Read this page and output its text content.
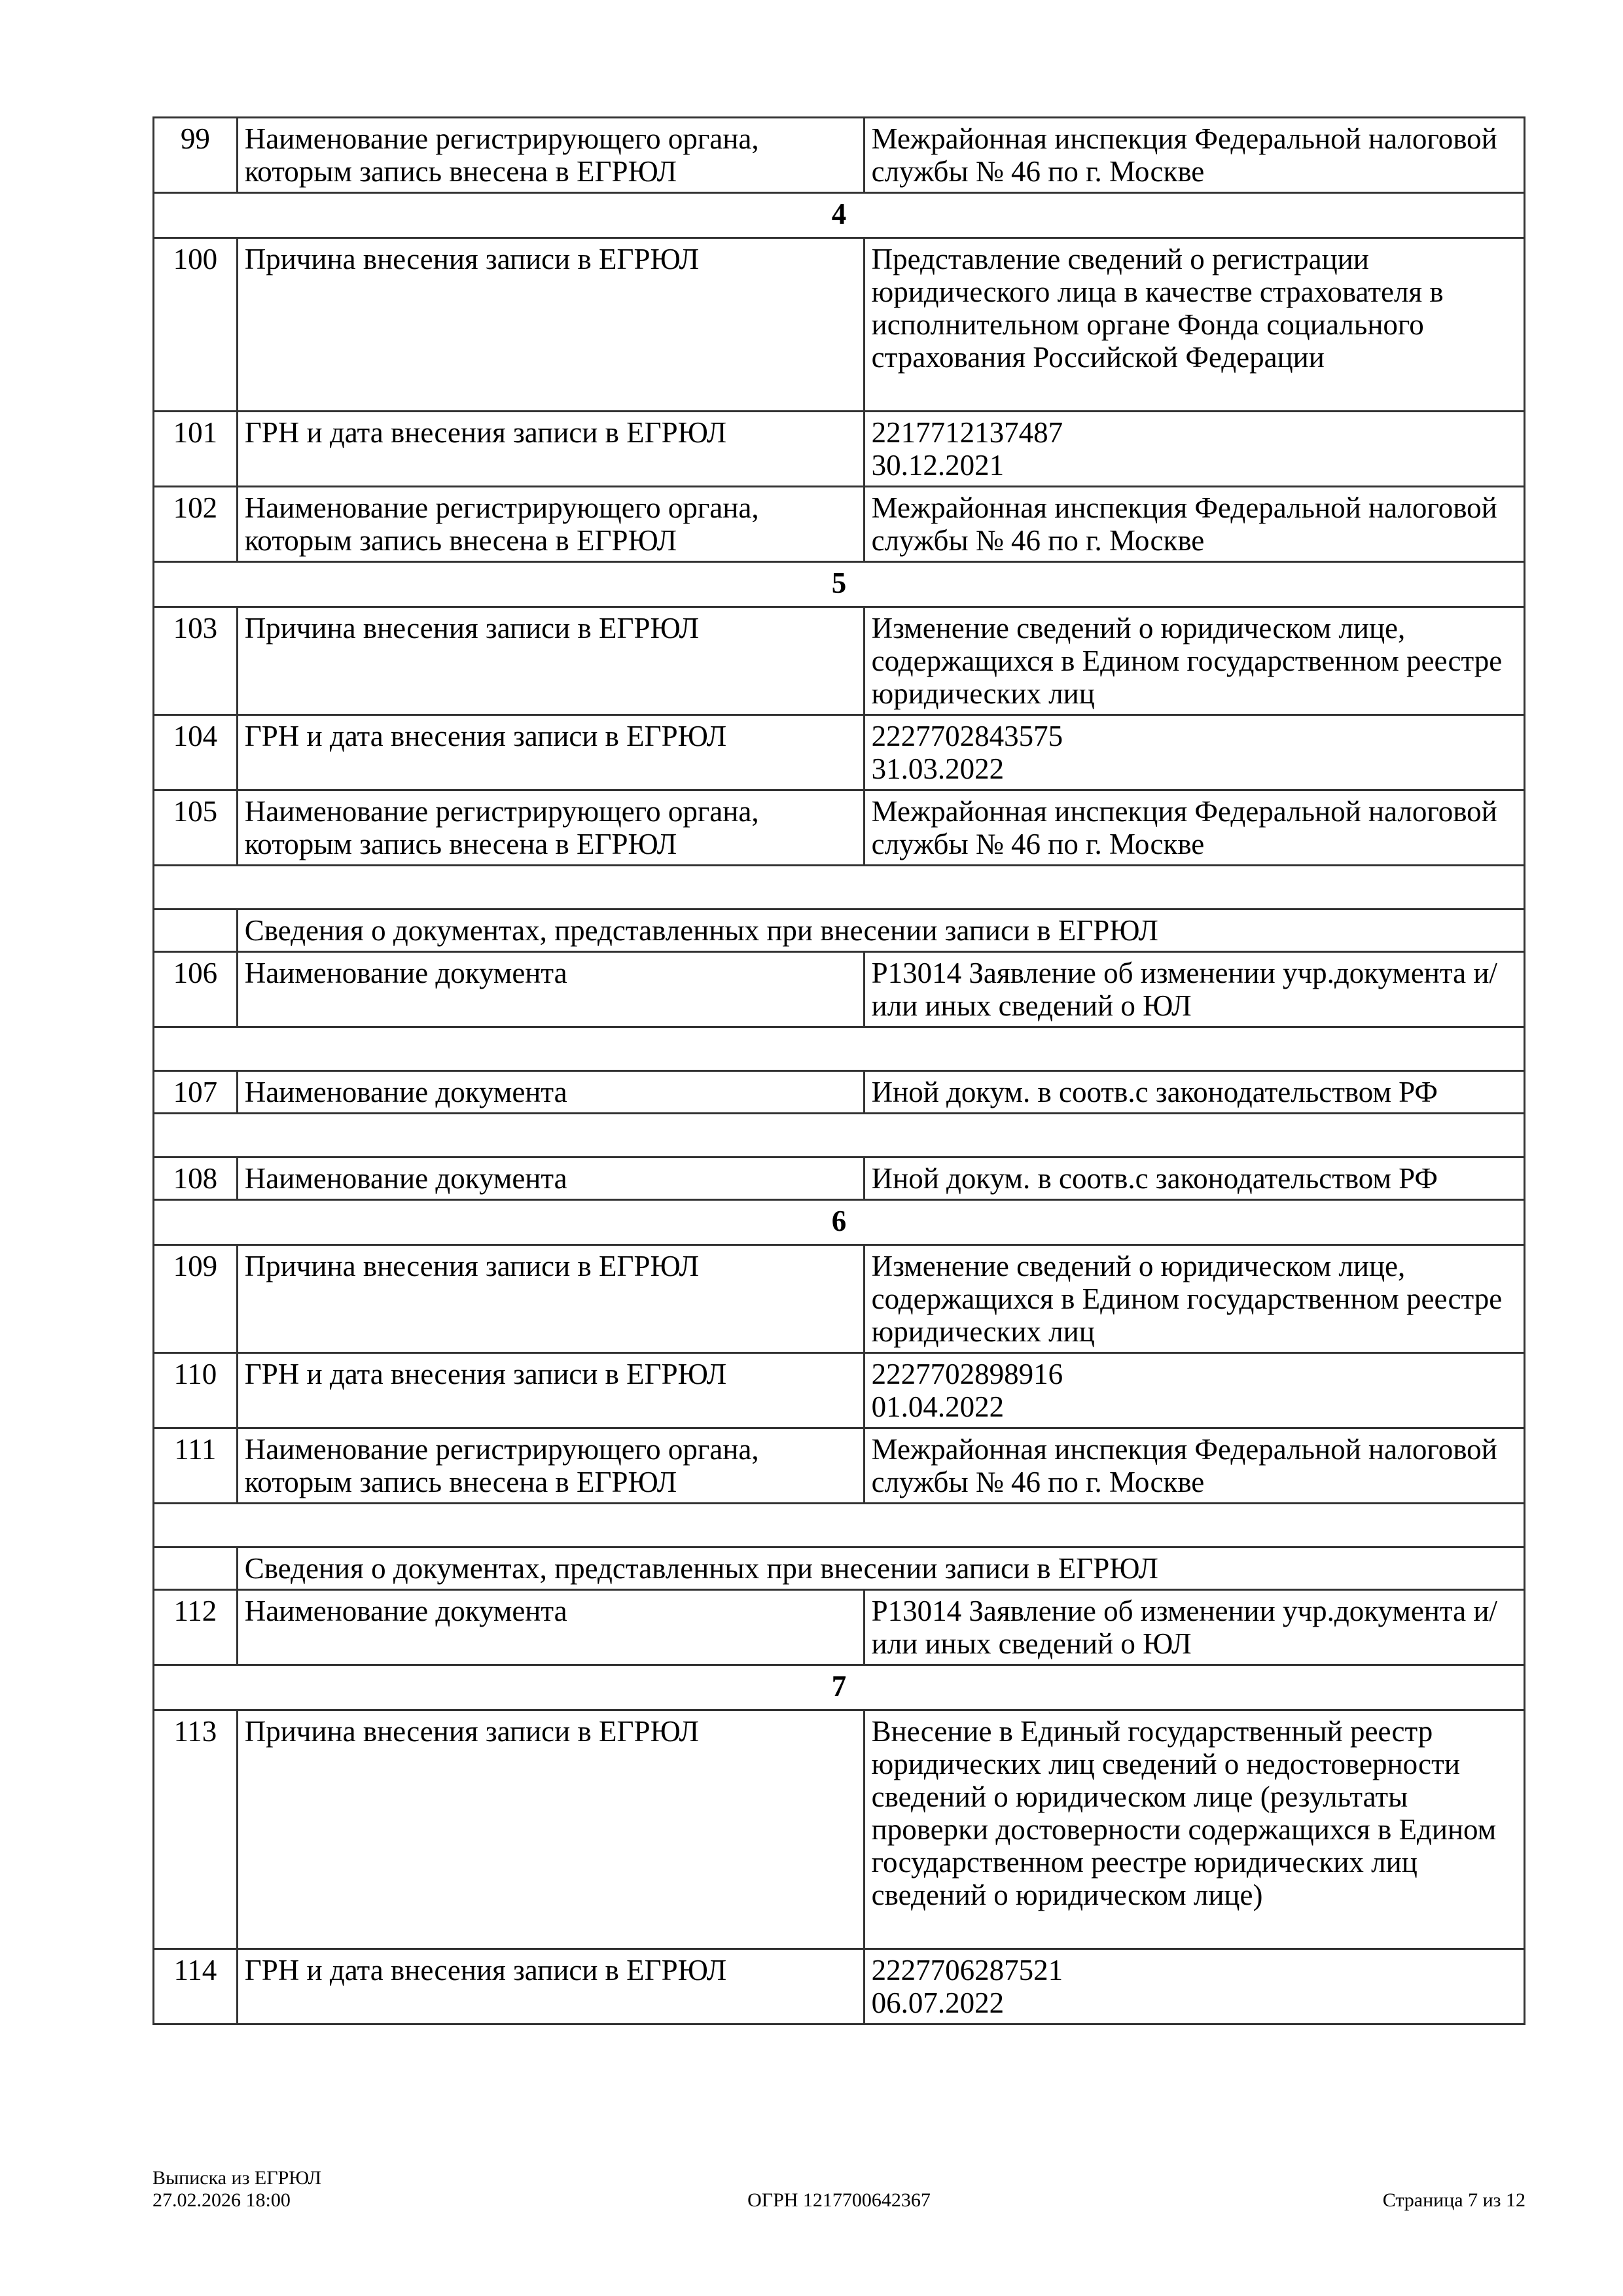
99	Наименование регистрирующего органа, которым запись внесена в ЕГРЮЛ	Межрайонная инспекция Федеральной налоговой службы № 46 по г. Москве

4		
100	Причина внесения записи в ЕГРЮЛ	Представление сведений о регистрации юридического лица в качестве страхователя в исполнительном органе Фонда социального страхования Российской Федерации

101	ГРН и дата внесения записи в ЕГРЮЛ	2217712137487
30.12.2021

102	Наименование регистрирующего органа, которым запись внесена в ЕГРЮЛ	Межрайонная инспекция Федеральной налоговой службы № 46 по г. Москве

5		
103	Причина внесения записи в ЕГРЮЛ	Изменение сведений о юридическом лице, содержащихся в Едином государственном реестре юридических лиц

104	ГРН и дата внесения записи в ЕГРЮЛ	2227702843575
31.03.2022

105	Наименование регистрирующего органа, которым запись внесена в ЕГРЮЛ	Межрайонная инспекция Федеральной налоговой службы № 46 по г. Москве

	Сведения о документах, представленных при внесении записи в ЕГРЮЛ	
106	Наименование документа	Р13014 Заявление об изменении учр.документа и/или иных сведений о ЮЛ

107	Наименование документа	Иной докум. в соотв.с законодательством РФ

108	Наименование документа	Иной докум. в соотв.с законодательством РФ

6		
109	Причина внесения записи в ЕГРЮЛ	Изменение сведений о юридическом лице, содержащихся в Едином государственном реестре юридических лиц

110	ГРН и дата внесения записи в ЕГРЮЛ	2227702898916
01.04.2022

111	Наименование регистрирующего органа, которым запись внесена в ЕГРЮЛ	Межрайонная инспекция Федеральной налоговой службы № 46 по г. Москве

	Сведения о документах, представленных при внесении записи в ЕГРЮЛ	
112	Наименование документа	Р13014 Заявление об изменении учр.документа и/или иных сведений о ЮЛ

7		
113	Причина внесения записи в ЕГРЮЛ	Внесение в Единый государственный реестр юридических лиц сведений о недостоверности сведений о юридическом лице (результаты проверки достоверности содержащихся в Едином государственном реестре юридических лиц сведений о юридическом лице)

114	ГРН и дата внесения записи в ЕГРЮЛ	2227706287521
06.07.2022
Выписка из ЕГРЮЛ
27.02.2026 18:00	ОГРН 1217700642367	Страница 7 из 12
